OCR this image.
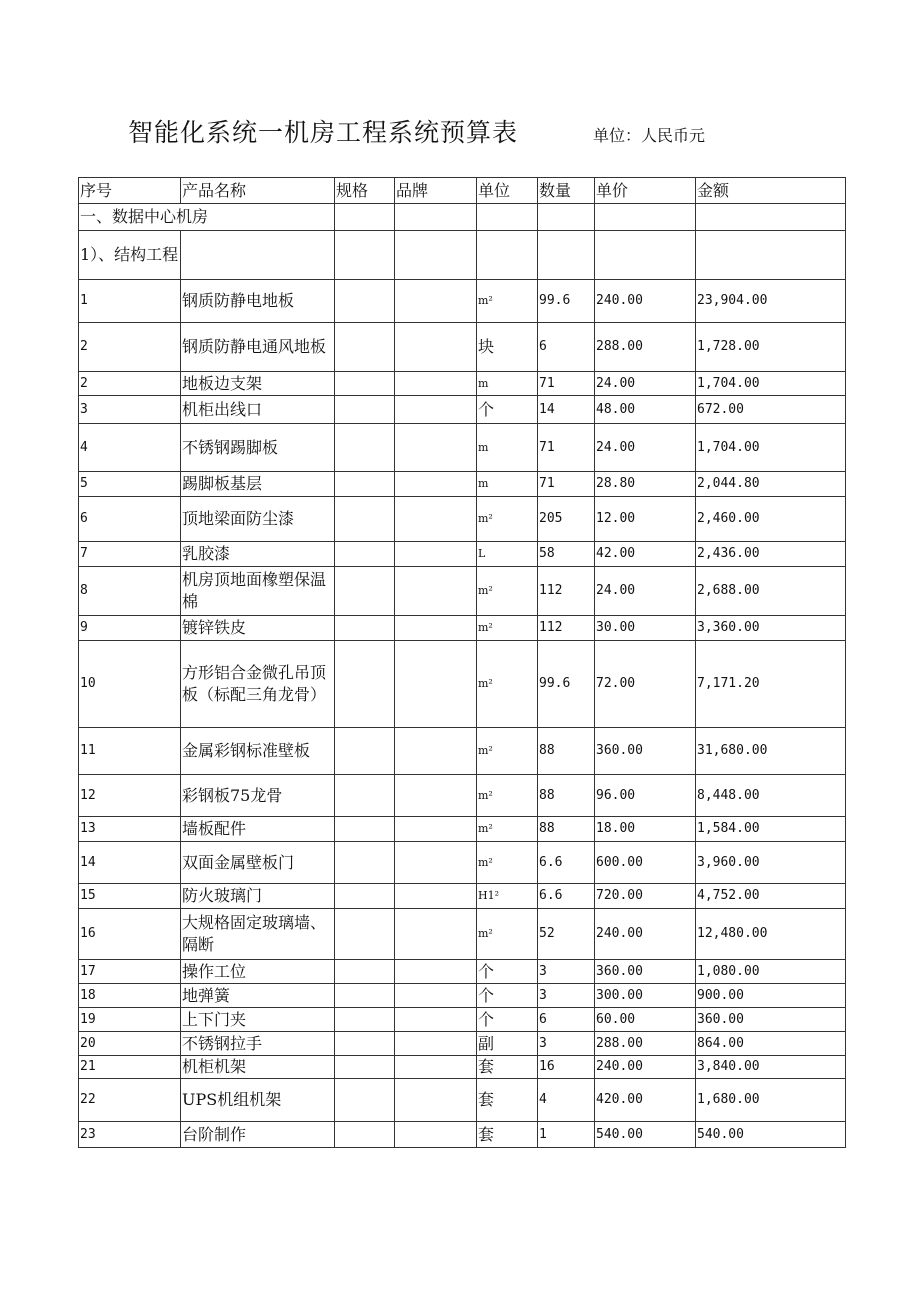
智能化系统一机房工程系统预算表	单位：人民币元
序号	产品名称	规格	品牌	单位	数量	单价	金额
一、数据中心机房							
1）、结构工程							
1	钢质防静电地板			m²	99.6	240.00	23,904.00
2	钢质防静电通风地板			块	6	288.00	1,728.00
2	地板边支架			m	71	24.00	1,704.00
3	机柜出线口			个	14	48.00	672.00
4	不锈钢踢脚板			m	71	24.00	1,704.00
5	踢脚板基层			m	71	28.80	2,044.80
6	顶地梁面防尘漆			m²	205	12.00	2,460.00
7	乳胶漆			L	58	42.00	2,436.00
8	机房顶地面橡塑保温棉			m²	112	24.00	2,688.00
9	镀锌铁皮			m²	112	30.00	3,360.00
10	方形铝合金微孔吊顶板（标配三角龙骨）			m²	99.6	72.00	7,171.20
11	金属彩钢标准壁板			m²	88	360.00	31,680.00
12	彩钢板75龙骨			m²	88	96.00	8,448.00
13	墙板配件			m²	88	18.00	1,584.00
14	双面金属壁板门			m²	6.6	600.00	3,960.00
15	防火玻璃门			H1²	6.6	720.00	4,752.00
16	大规格固定玻璃墙、隔断			m²	52	240.00	12,480.00
17	操作工位			个	3	360.00	1,080.00
18	地弹簧			个	3	300.00	900.00
19	上下门夹			个	6	60.00	360.00
20	不锈钢拉手			副	3	288.00	864.00
21	机柜机架			套	16	240.00	3,840.00
22	UPS机组机架			套	4	420.00	1,680.00
23	台阶制作			套	1	540.00	540.00
